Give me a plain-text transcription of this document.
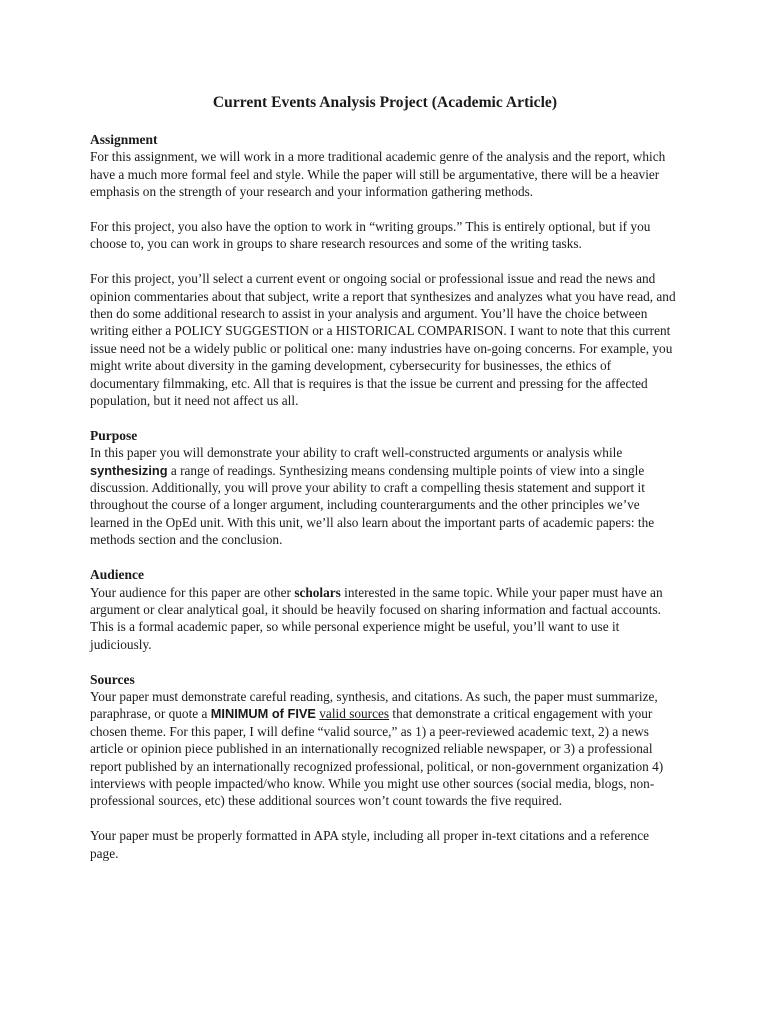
Current Events Analysis Project (Academic Article)
Assignment

For this assignment, we will work in a more traditional academic genre of the analysis and the report, which have a much more formal feel and style. While the paper will still be argumentative, there will be a heavier emphasis on the strength of your research and your information gathering methods.

For this project, you also have the option to work in “writing groups.” This is entirely optional, but if you choose to, you can work in groups to share research resources and some of the writing tasks.

For this project, you’ll select a current event or ongoing social or professional issue and read the news and opinion commentaries about that subject, write a report that synthesizes and analyzes what you have read, and then do some additional research to assist in your analysis and argument. You’ll have the choice between writing either a POLICY SUGGESTION or a HISTORICAL COMPARISON. I want to note that this current issue need not be a widely public or political one: many industries have on-going concerns. For example, you might write about diversity in the gaming development, cybersecurity for businesses, the ethics of documentary filmmaking, etc. All that is requires is that the issue be current and pressing for the affected population, but it need not affect us all.

Purpose

In this paper you will demonstrate your ability to craft well-constructed arguments or analysis while synthesizing a range of readings. Synthesizing means condensing multiple points of view into a single discussion. Additionally, you will prove your ability to craft a compelling thesis statement and support it throughout the course of a longer argument, including counterarguments and the other principles we’ve learned in the OpEd unit. With this unit, we’ll also learn about the important parts of academic papers: the methods section and the conclusion.

Audience

Your audience for this paper are other scholars interested in the same topic. While your paper must have an argument or clear analytical goal, it should be heavily focused on sharing information and factual accounts. This is a formal academic paper, so while personal experience might be useful, you’ll want to use it judiciously.

Sources

Your paper must demonstrate careful reading, synthesis, and citations. As such, the paper must summarize, paraphrase, or quote a MINIMUM of FIVE valid sources that demonstrate a critical engagement with your chosen theme. For this paper, I will define “valid source,” as 1) a peer-reviewed academic text, 2) a news article or opinion piece published in an internationally recognized reliable newspaper, or 3) a professional report published by an internationally recognized professional, political, or non-government organization 4) interviews with people impacted/who know. While you might use other sources (social media, blogs, non-professional sources, etc) these additional sources won’t count towards the five required.

Your paper must be properly formatted in APA style, including all proper in-text citations and a reference page.
